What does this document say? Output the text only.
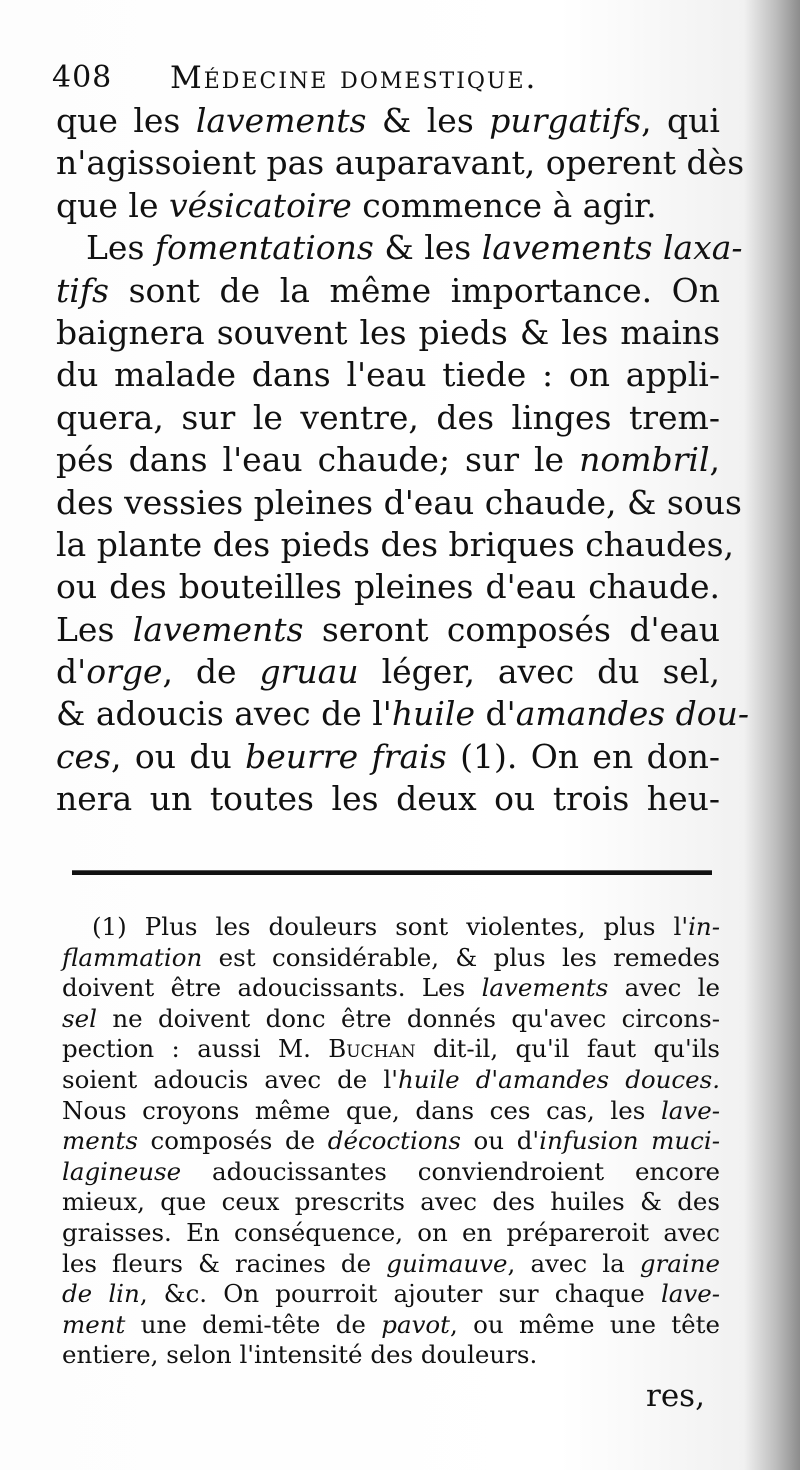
408 Médecine domestique.
que les lavements & les purgatifs, qui
n'agissoient pas auparavant, operent dès
que le vésicatoire commence à agir.
Les fomentations & les lavements laxa-
tifs sont de la même importance. On
baignera souvent les pieds & les mains
du malade dans l'eau tiede : on appli-
quera, sur le ventre, des linges trem-
pés dans l'eau chaude; sur le nombril,
des vessies pleines d'eau chaude, & sous
la plante des pieds des briques chaudes,
ou des bouteilles pleines d'eau chaude.
Les lavements seront composés d'eau
d'orge, de gruau léger, avec du sel,
& adoucis avec de l'huile d'amandes dou-
ces, ou du beurre frais (1). On en don-
nera un toutes les deux ou trois heu-
(1) Plus les douleurs sont violentes, plus l'in-
flammation est considérable, & plus les remedes
doivent être adoucissants. Les lavements avec le
sel ne doivent donc être donnés qu'avec circons-
pection : aussi M. Buchan dit-il, qu'il faut qu'ils
soient adoucis avec de l'huile d'amandes douces.
Nous croyons même que, dans ces cas, les lave-
ments composés de décoctions ou d'infusion muci-
lagineuse adoucissantes conviendroient encore
mieux, que ceux prescrits avec des huiles & des
graisses. En conséquence, on en prépareroit avec
les fleurs & racines de guimauve, avec la graine
de lin, &c. On pourroit ajouter sur chaque lave-
ment une demi-tête de pavot, ou même une tête
entiere, selon l'intensité des douleurs.
res,
